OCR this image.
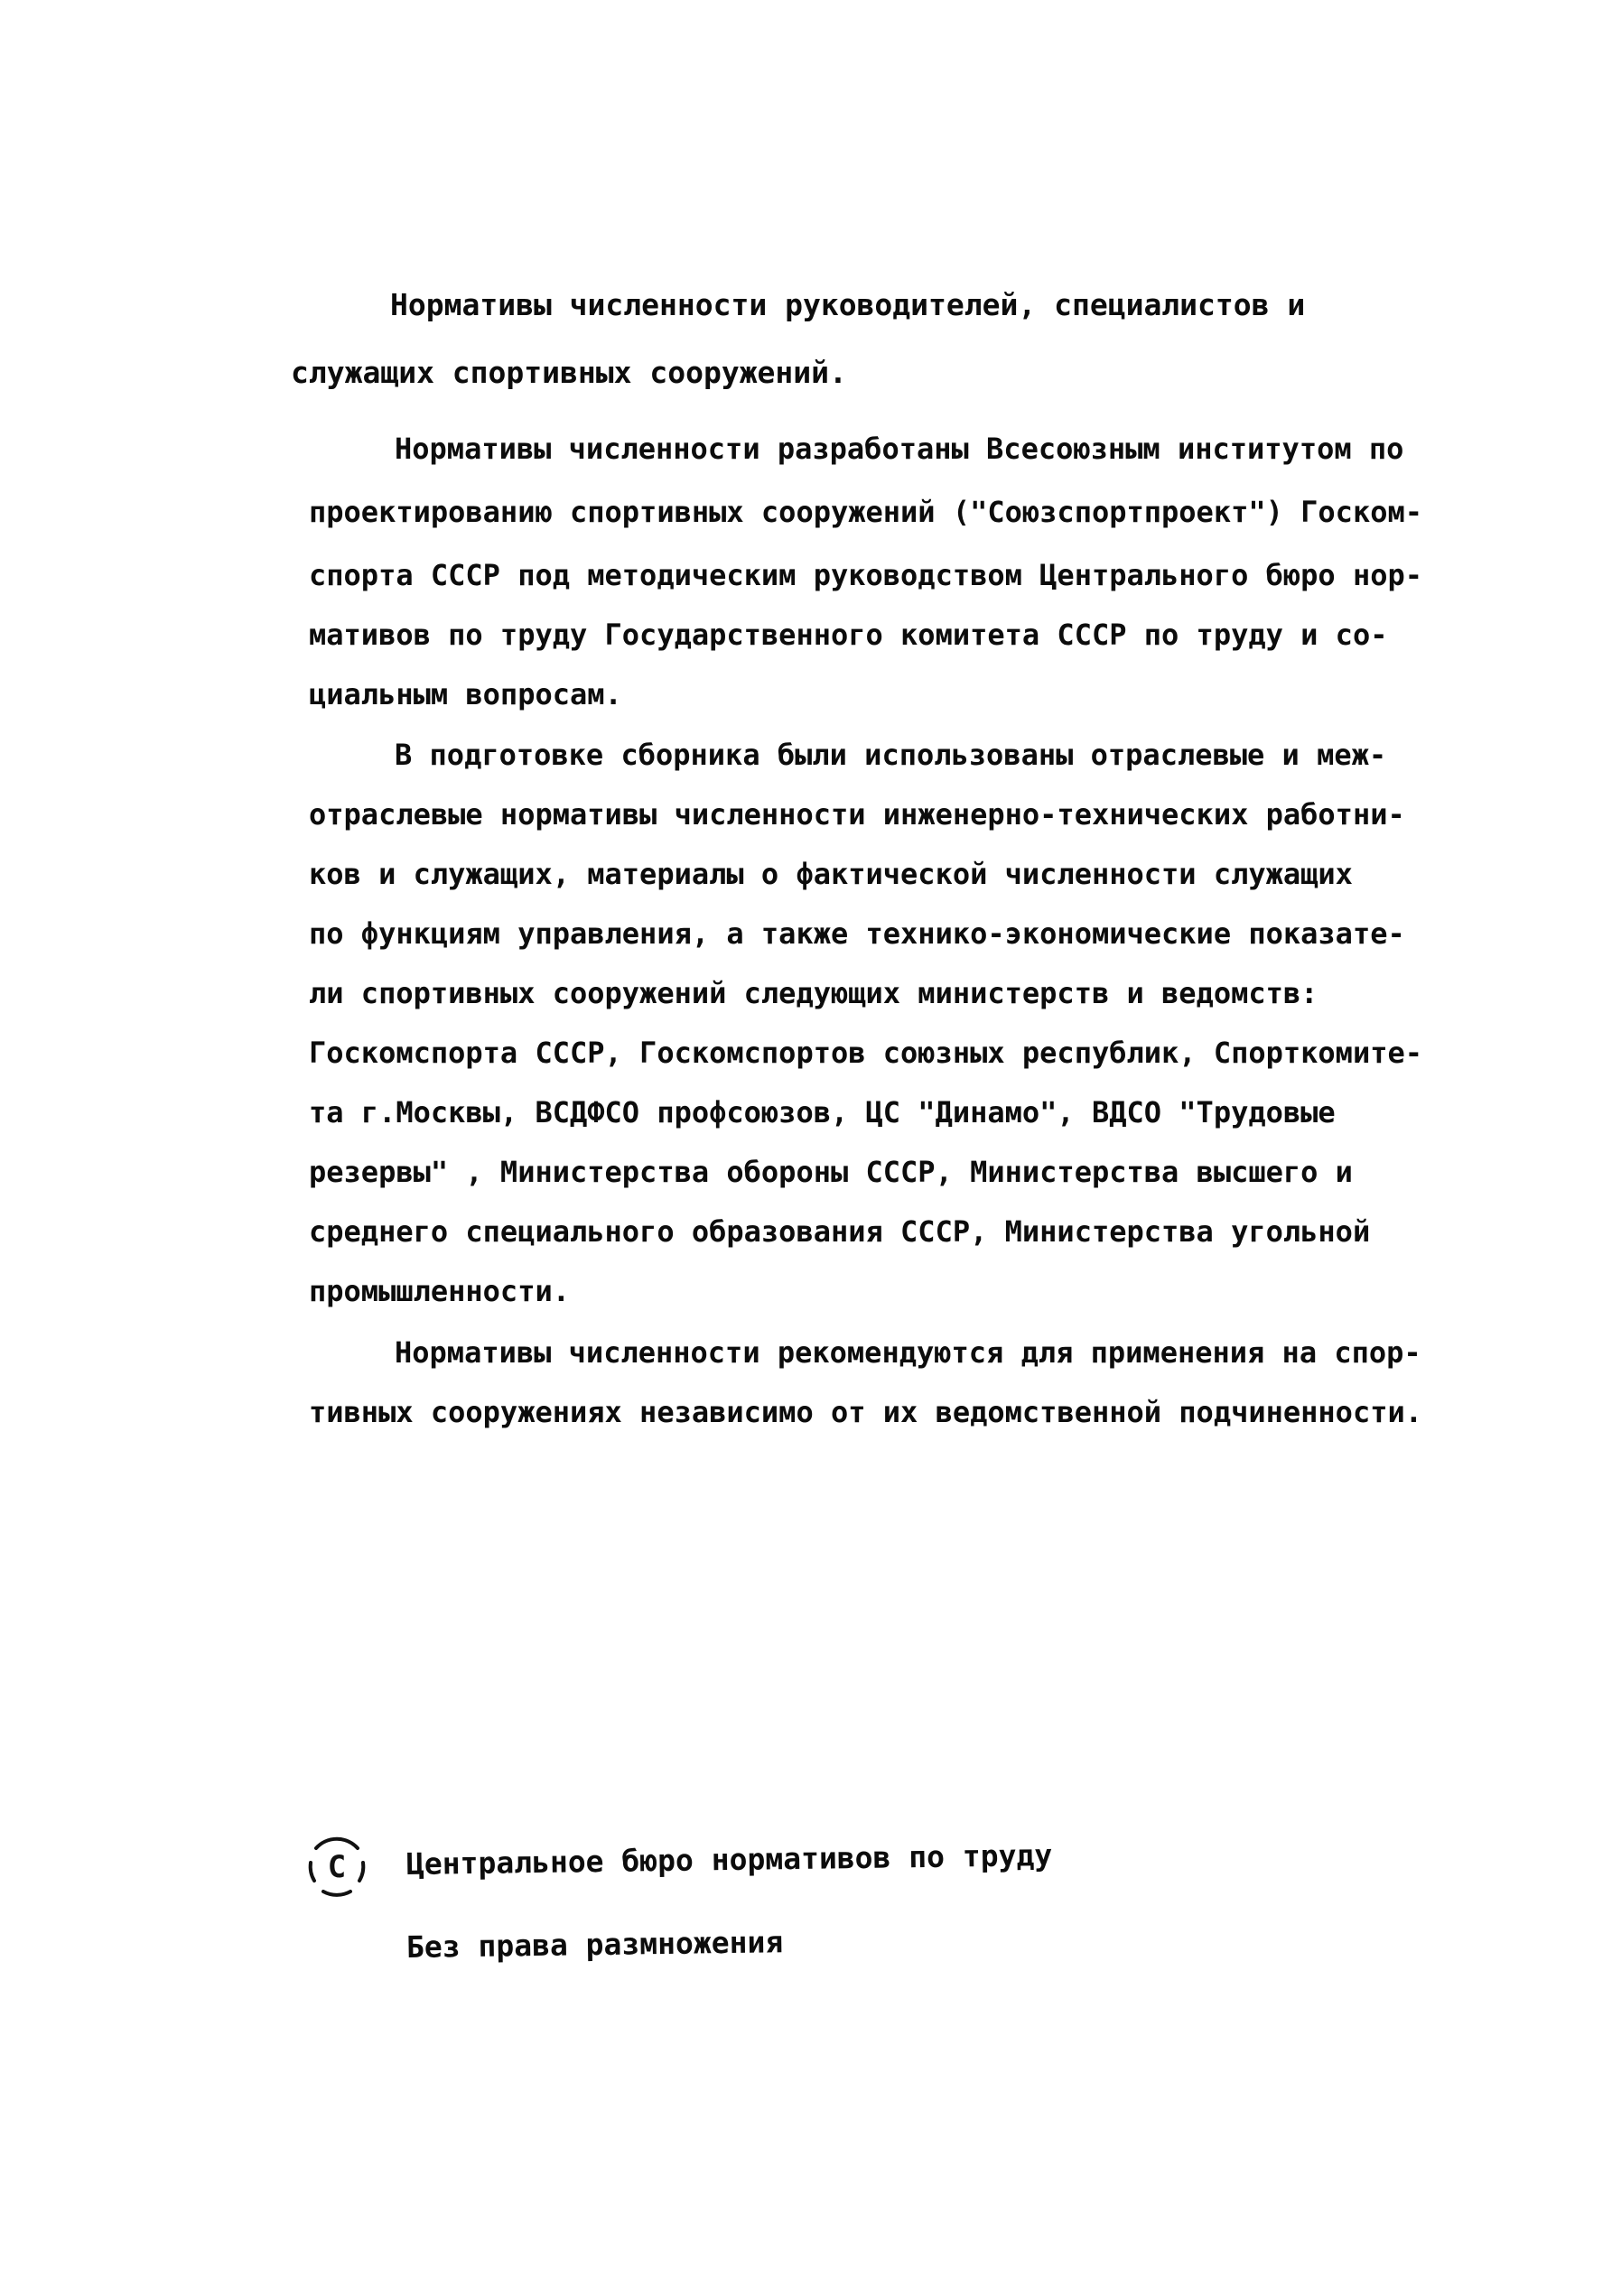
Нормативы численности руководителей, специалистов и
служащих спортивных сооружений.
Нормативы численности разработаны Всесоюзным институтом по
проектированию спортивных сооружений ("Союзспортпроект") Госком-
спорта СССР под методическим руководством Центрального бюро нор-
мативов по труду Государственного комитета СССР по труду и со-
циальным вопросам.
В подготовке сборника были использованы отраслевые и меж-
отраслевые нормативы численности инженерно-технических работни-
ков и служащих, материалы о фактической численности служащих
по функциям управления, а также технико-экономические показате-
ли спортивных сооружений следующих министерств и ведомств:
Госкомспорта СССР, Госкомспортов союзных республик, Спорткомите-
та г.Москвы, ВСДФСО профсоюзов, ЦС "Динамо", ВДСО "Трудовые
резервы" , Министерства обороны СССР, Министерства высшего и
среднего специального образования СССР, Министерства угольной
промышленности.
Нормативы численности рекомендуются для применения на спор-
тивных сооружениях независимо от их ведомственной подчиненности.
C Центральное бюро нормативов по труду
Без права размножения
